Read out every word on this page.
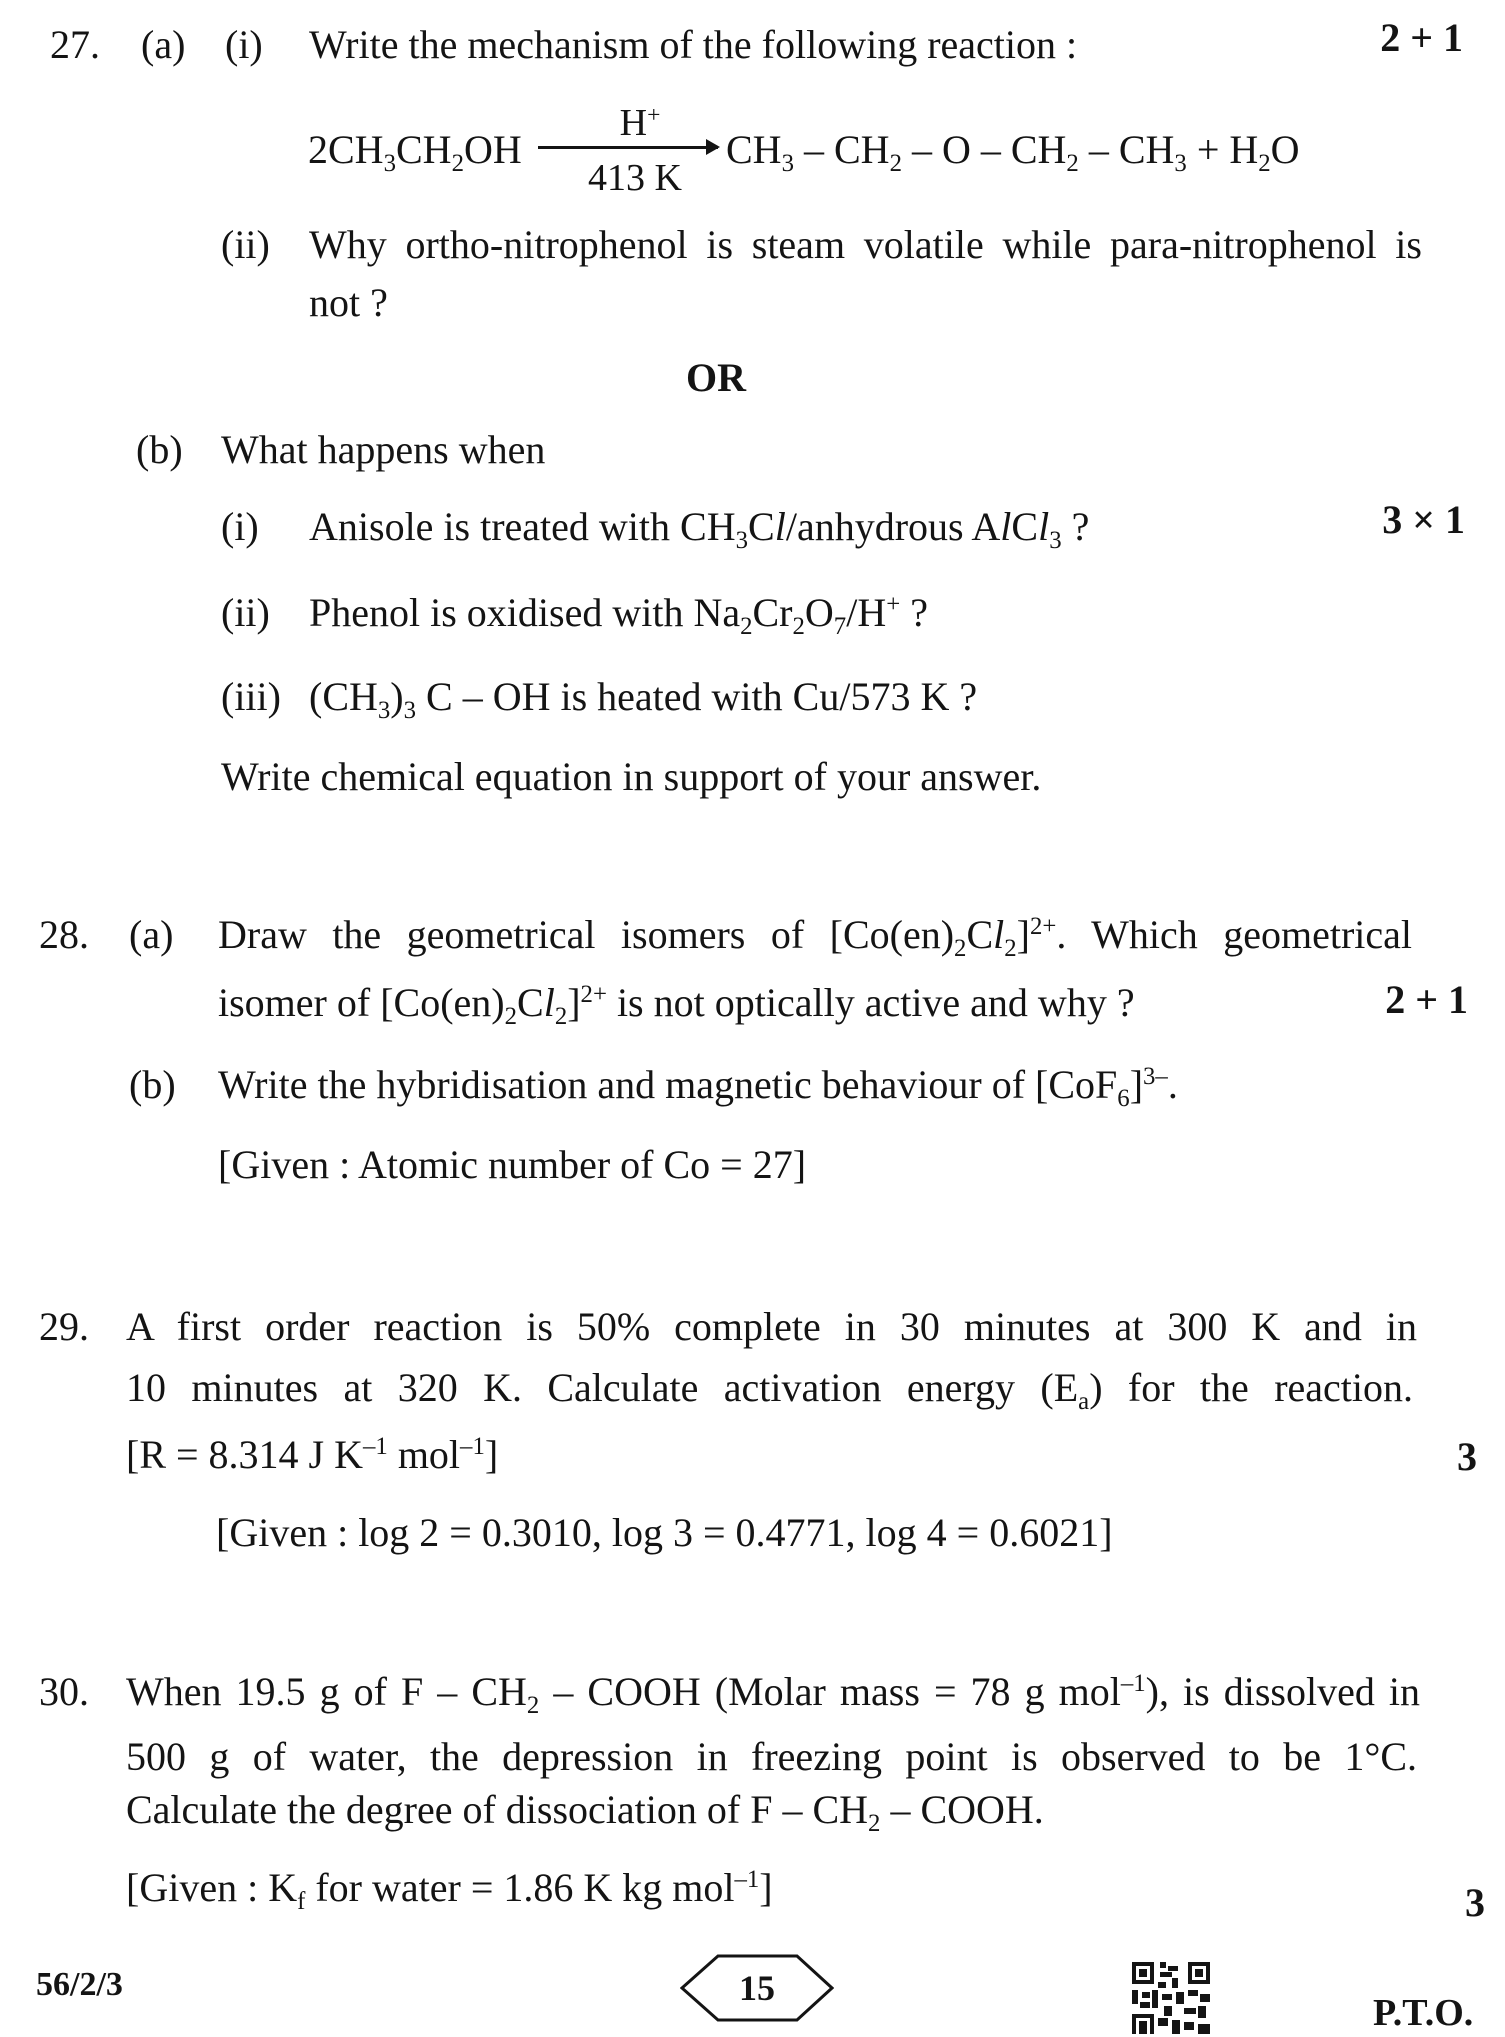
27. (a) (i) Write the mechanism of the following reaction :	2 + 1
$2CH_3CH_2OH$
H+
413 K
$CH_3 - CH_2 - O - CH_2 - CH_3 + H_2O$
(ii) Why ortho-nitrophenol is steam volatile while para-nitrophenol is
not ?
OR
(b) What happens when
3 × 1
(i) Anisole is treated with $CH_3Cl$/anhydrous AlCl$_3$ ?
(ii) Phenol is oxidised with $Na_2Cr_2O_7/H^+$ ?
(iii) $(CH_3)_3$ C – OH is heated with Cu/573 K ?
Write chemical equation in support of your answer.
28. (a) Draw the geometrical isomers of $[Co(en)_2Cl_2]^{2+}$. Which geometrical
isomer of $[Co(en)_2Cl_2]^{2+}$ is not optically active and why ?	2 + 1
(b) Write the hybridisation and magnetic behaviour of $[CoF_6]^{3-}$.
[Given : Atomic number of Co = 27]
29. A first order reaction is 50% complete in 30 minutes at 300 K and in
10 minutes at 320 K. Calculate activation energy $(E_a)$ for the reaction.
[R = 8.314 J $K^{-1}$ mol$^{-1}$]	3
[Given : log 2 = 0.3010, log 3 = 0.4771, log 4 = 0.6021]
30. When 19.5 g of F – $CH_2$ – COOH (Molar mass = 78 g mol$^{-1}$), is dissolved in
500 g of water, the depression in freezing point is observed to be 1°C.
Calculate the degree of dissociation of F – $CH_2$ – COOH.
[Given : $K_f$ for water = 1.86 K kg mol$^{-1}$]	3
56/2/3	15
P.T.O.
